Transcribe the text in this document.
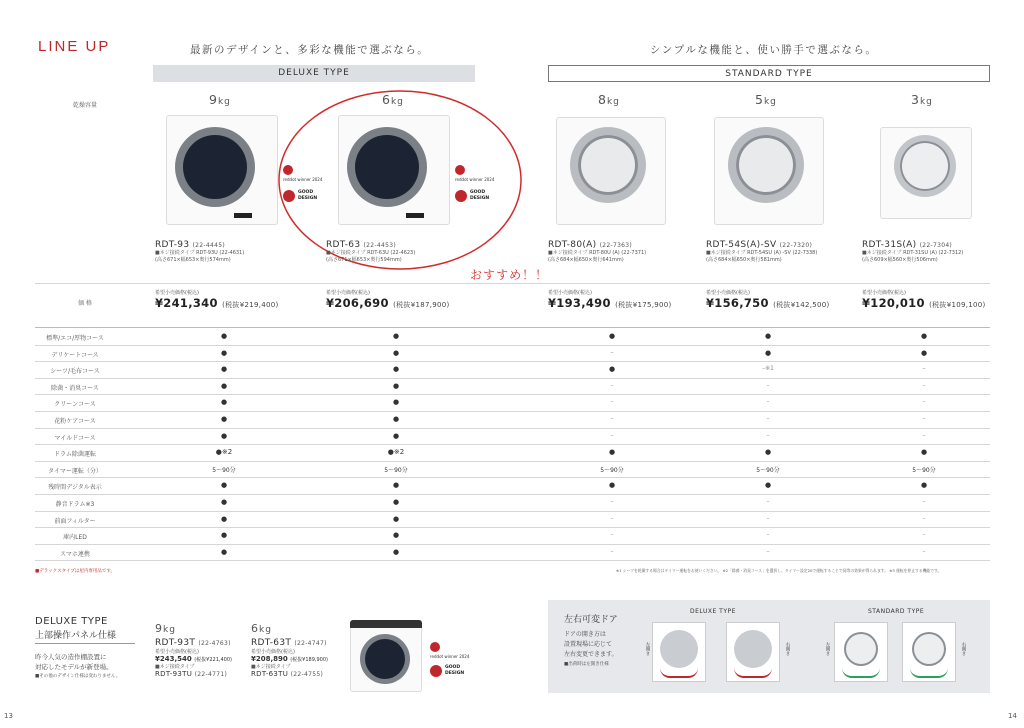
LINE UP	最新のデザインと、多彩な機能で選ぶなら。	シンプルな機能と、使い勝手で選ぶなら。
DELUXE TYPE	STANDARD TYPE
乾燥容量
価 格
9kg	6kg	8kg	5kg	3kg
reddot winner 2024
GOOD
DESIGN
reddot winner 2024
GOOD
DESIGN
おすすめ！！
RDT-93 (22-4445)
■ネジ接続タイプ RDT-93U (22-4631)
(高さ671×幅653×奥行574mm)
RDT-63 (22-4453)
■ネジ接続タイプ RDT-63U (22-4623)
(高さ671×幅653×奥行594mm)
RDT-80(A) (22-7363)
■ネジ接続タイプ RDT-80U (A) (22-7371)
(高さ684×幅650×奥行641mm)
RDT-54S(A)-SV (22-7320)
■ネジ接続タイプ RDT-54SU (A) -SV (22-7338)
(高さ684×幅650×奥行581mm)
RDT-31S(A) (22-7304)
■ネジ接続タイプ RDT-31SU (A) (22-7312)
(高さ609×幅560×奥行506mm)
希望小売価格(税込)
¥241,340 (税抜¥219,400)
希望小売価格(税込)
¥206,690 (税抜¥187,900)
希望小売価格(税込)
¥193,490 (税抜¥175,900)
希望小売価格(税込)
¥156,750 (税抜¥142,500)
希望小売価格(税込)
¥120,010 (税抜¥109,100)
標準/エコ/厚物コース	●	●	●	●	●
デリケートコース	●	●	–	●	●
シーツ/毛布コース	●	●	●	–※1	–
除菌・消臭コース	●	●	–	–	–
クリーンコース	●	●	–	–	–
花粉ケアコース	●	●	–	–	–
マイルドコース	●	●	–	–	–
ドラム除菌運転	●※2	●※2	●	●	●
タイマー運転（分）	5〜90分	5〜90分	5〜90分	5〜90分	5〜90分
残時間デジタル表示	●	●	●	●	●
静音ドラム※3	●	●	–	–	–
前面フィルター	●	●	–	–	–
庫内LED	●	●	–	–	–
スマホ連携	●	●	–	–	–
■デラックスタイプは屋内専用品です。	※1 シーツを乾燥する場合はタイマー運転をお使いください。 ※2「除菌・消臭コース」を選択し、タイマー設定20で運転することで同等の効果が得られます。 ※3 運転を停止する機能です。
DELUXE TYPE
上部操作パネル仕様
昨今人気の造作棚設置に
対応したモデルが新登場。
■その他のデザイン仕様は変わりません。
9kg
RDT-93T (22-4763)
希望小売価格(税込)
¥243,540 (税抜¥221,400)
■ネジ接続タイプ
RDT-93TU (22-4771)
6kg
RDT-63T (22-4747)
希望小売価格(税込)
¥208,890 (税抜¥189,900)
■ネジ接続タイプ
RDT-63TU (22-4755)
reddot winner 2024
GOOD
DESIGN
左右可変ドア
ドアの開き方は
設置現場に応じて
左右変更できます。
■出荷時は左開き仕様
DELUXE TYPE	STANDARD TYPE
左開き	右開き	左開き	右開き
13	14
